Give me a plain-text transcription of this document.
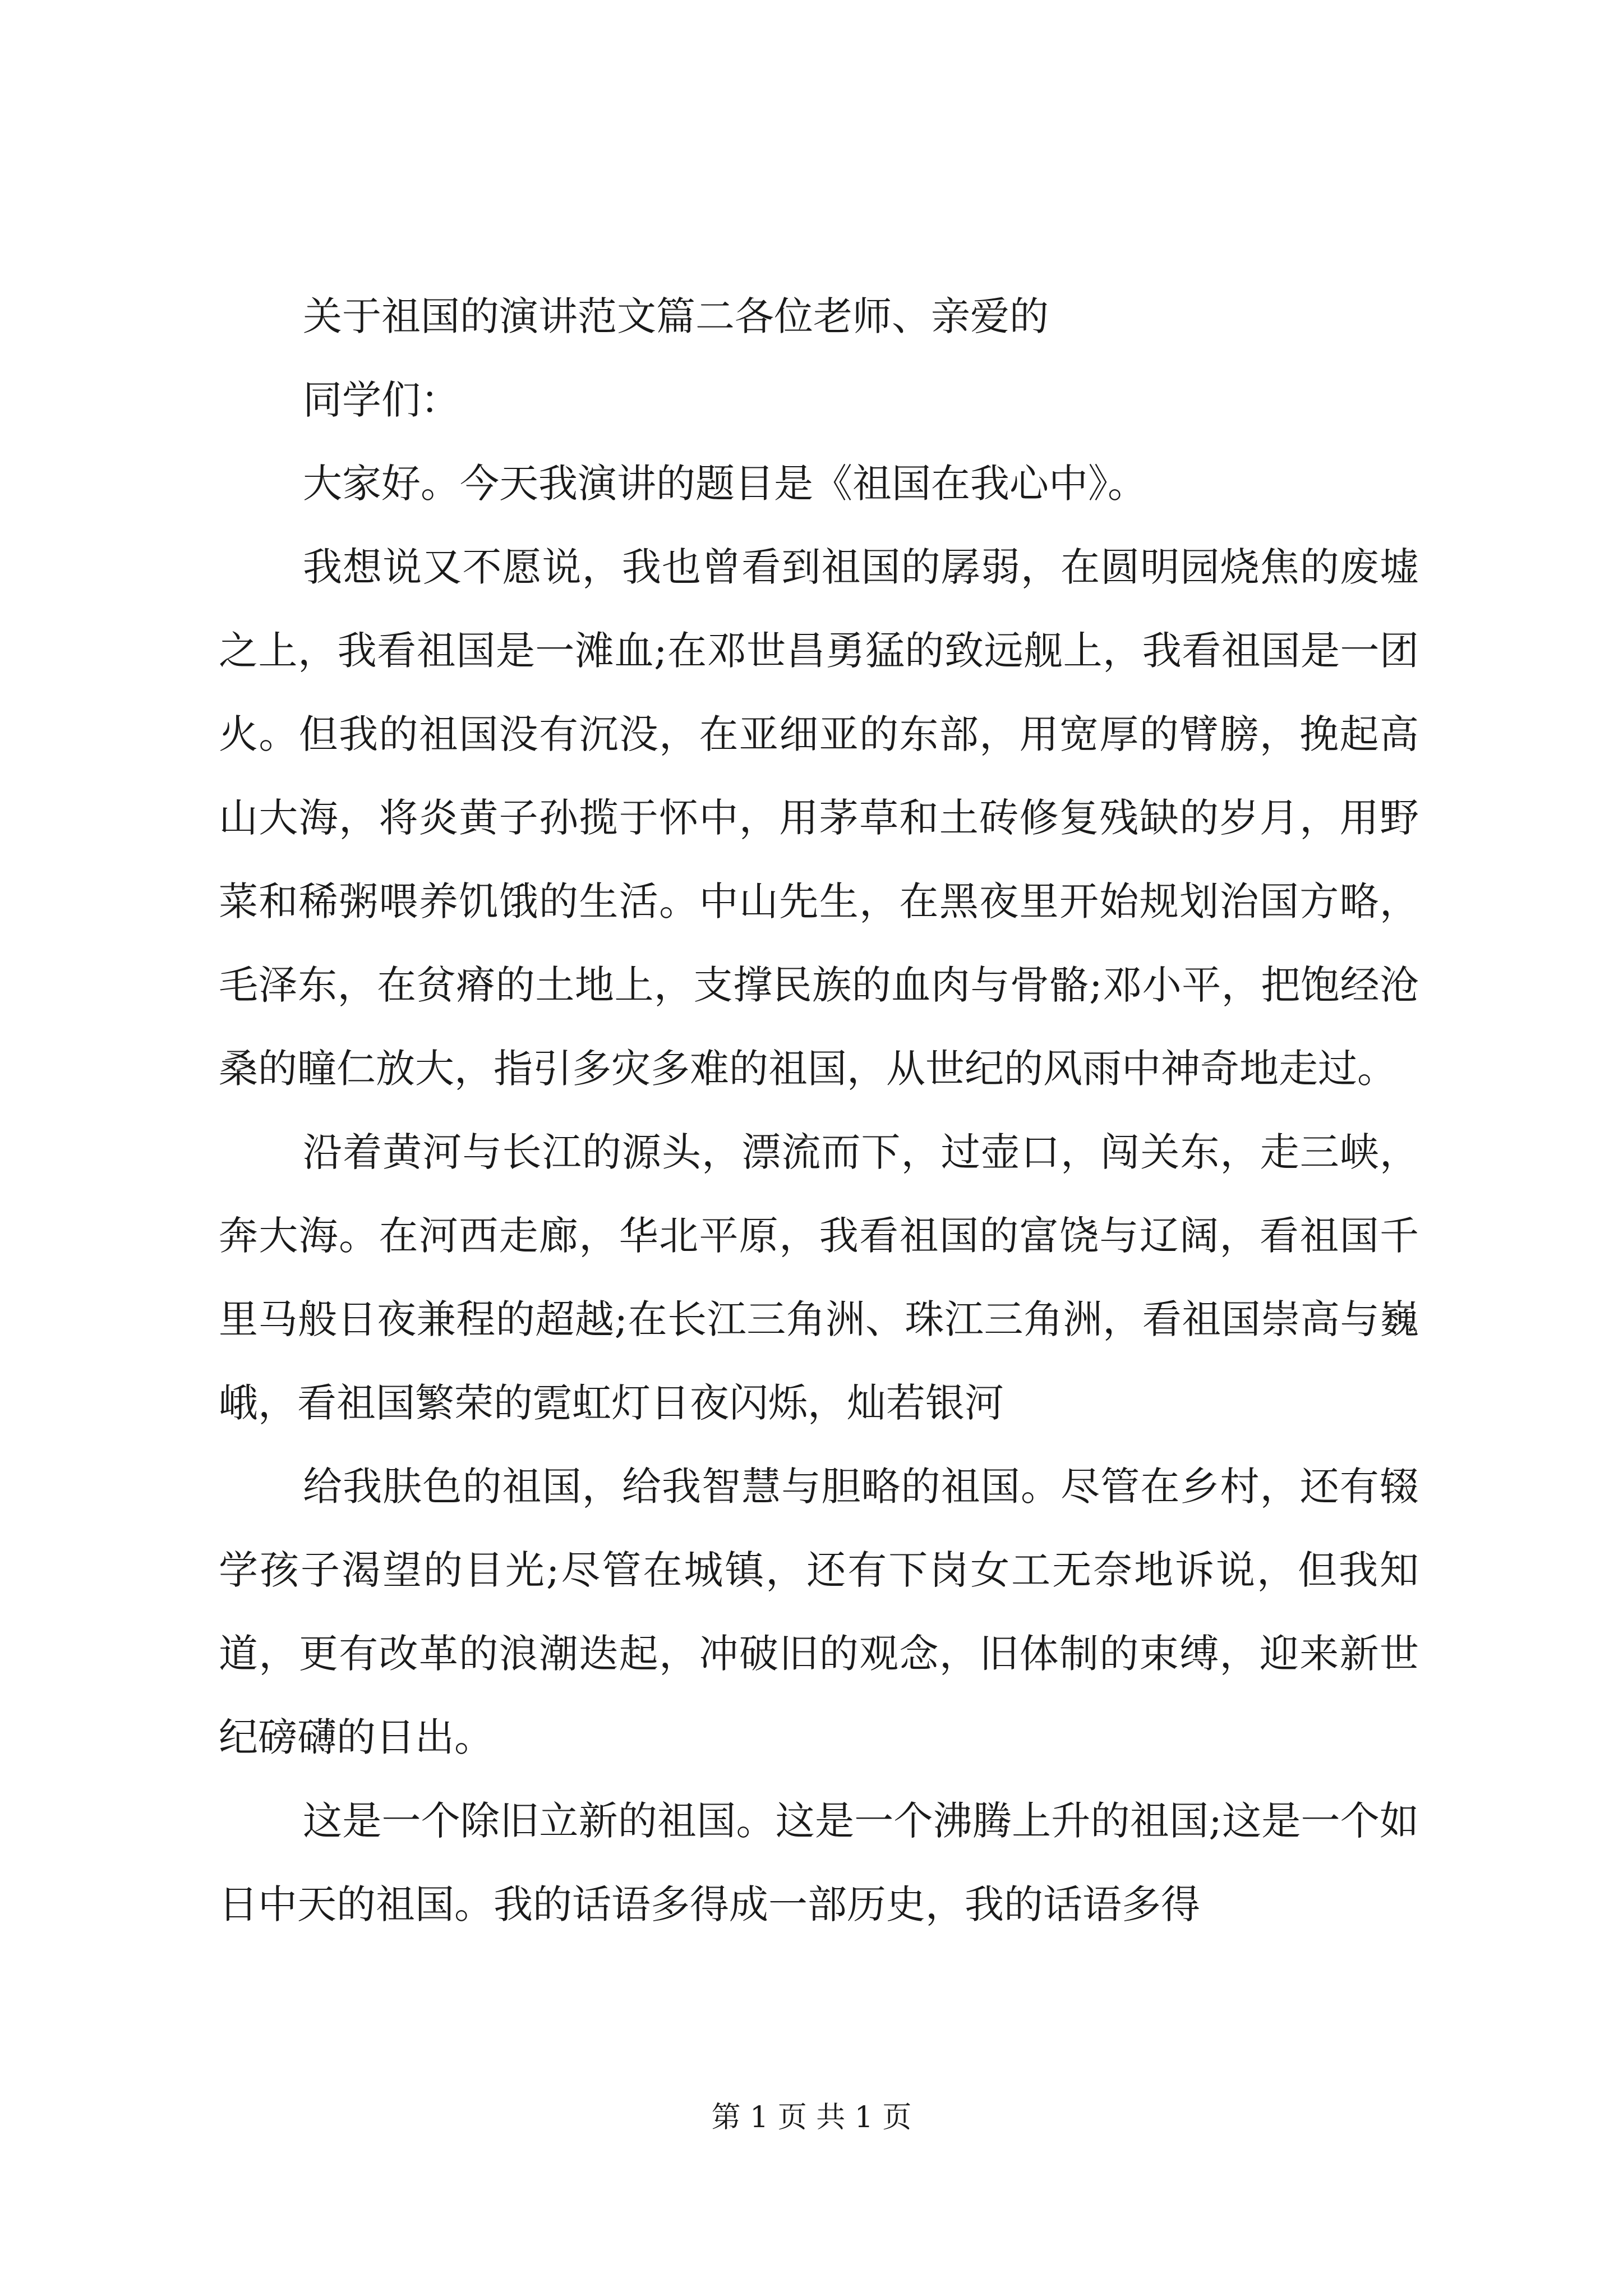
关于祖国的演讲范文篇二各位老师、亲爱的

同学们：

大家好。今天我演讲的题目是《祖国在我心中》。

我想说又不愿说，我也曾看到祖国的孱弱，在圆明园烧焦的废墟之上，我看祖国是一滩血;在邓世昌勇猛的致远舰上，我看祖国是一团火。但我的祖国没有沉没，在亚细亚的东部，用宽厚的臂膀，挽起高山大海，将炎黄子孙揽于怀中，用茅草和土砖修复残缺的岁月，用野菜和稀粥喂养饥饿的生活。中山先生，在黑夜里开始规划治国方略，毛泽东，在贫瘠的土地上，支撑民族的血肉与骨骼;邓小平，把饱经沧桑的瞳仁放大，指引多灾多难的祖国，从世纪的风雨中神奇地走过。

沿着黄河与长江的源头，漂流而下，过壶口，闯关东，走三峡，奔大海。在河西走廊，华北平原，我看祖国的富饶与辽阔，看祖国千里马般日夜兼程的超越;在长江三角洲、珠江三角洲，看祖国崇高与巍峨，看祖国繁荣的霓虹灯日夜闪烁，灿若银河

给我肤色的祖国，给我智慧与胆略的祖国。尽管在乡村，还有辍学孩子渴望的目光;尽管在城镇，还有下岗女工无奈地诉说，但我知道，更有改革的浪潮迭起，冲破旧的观念，旧体制的束缚，迎来新世纪磅礴的日出。

这是一个除旧立新的祖国。这是一个沸腾上升的祖国;这是一个如日中天的祖国。我的话语多得成一部历史，我的话语多得

第 1 页 共 1 页
